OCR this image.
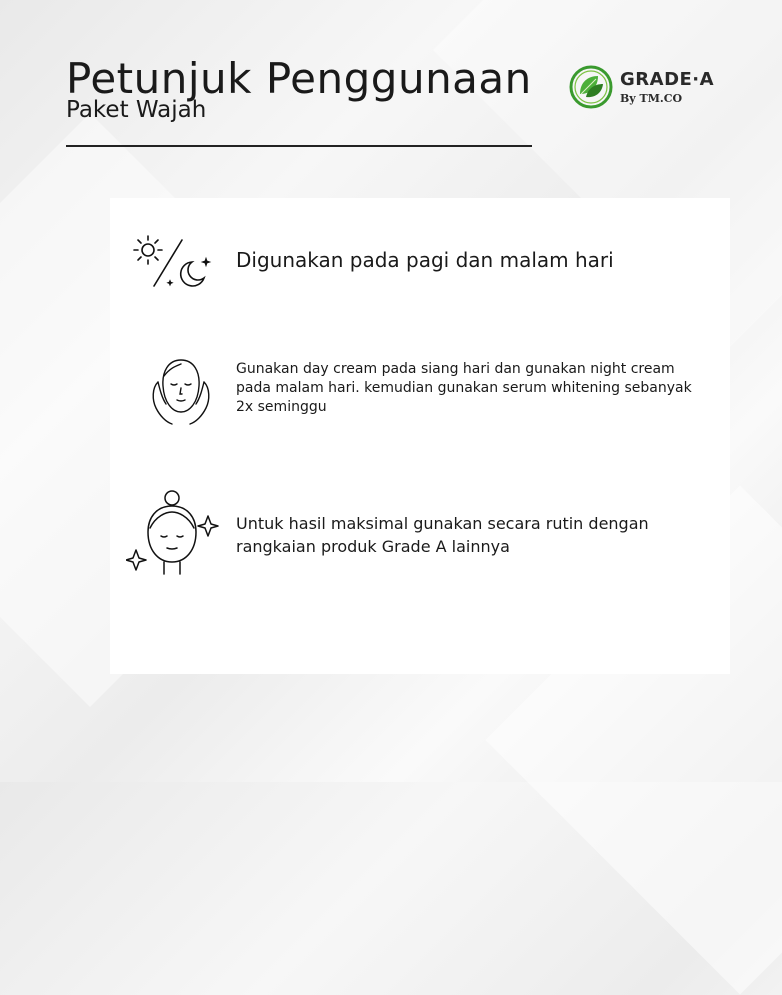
Petunjuk Penggunaan
Paket Wajah
GRADE·A
By TM.CO
Digunakan pada pagi dan malam hari
Gunakan day cream pada siang hari dan gunakan night cream pada malam hari. kemudian gunakan serum whitening sebanyak 2x seminggu
Untuk hasil maksimal gunakan secara rutin dengan rangkaian produk Grade A lainnya
